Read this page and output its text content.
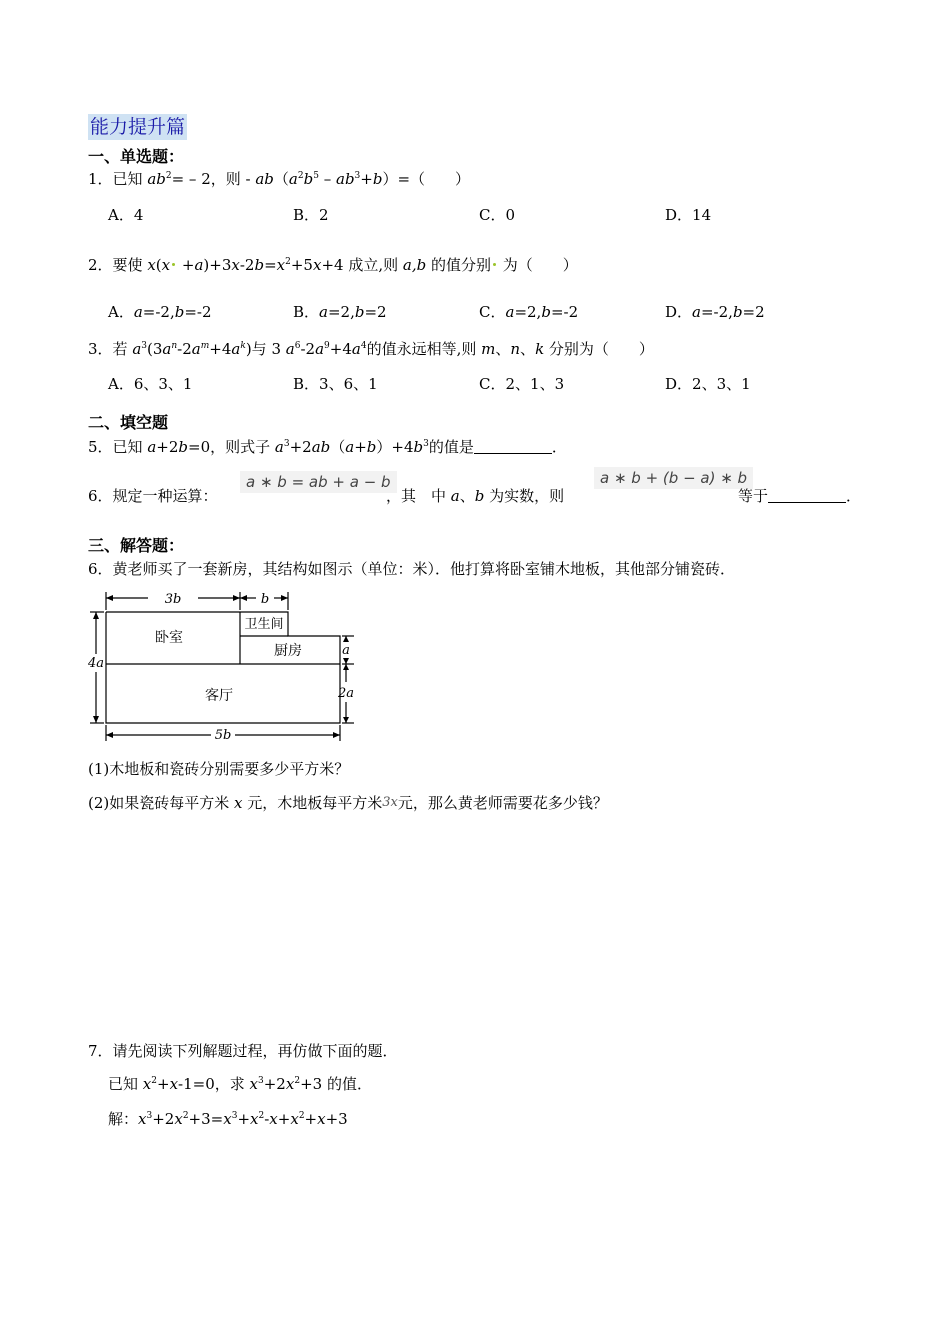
能力提升篇
一、单选题：
1．已知 $ab^2= - 2$，则 - $ab(a^2b^5 - ab^3+b)=$（　　）
A．4	B．2	C．0	D．14
2．要使 $x(x +a)+3x-2b=x^2+5x+4$ 成立,则 a,b 的值分别 为（　　）
A．a=-2,b=-2	B．a=2,b=2	C．a=2,b=-2	D．a=-2,b=2
3．若 $a^3(3a^n-2a^m+4a^k)$与 3 $a^6-2a^9+4a^4$的值永远相等,则 m、n、k 分别为（　　）
A．6、3、1	B．3、6、1	C．2、1、3	D．2、3、1
二、填空题
5．已知 a+2b=0，则式子 $a^3+2ab(a+b)+4b^3$的值是	．
6．规定一种运算：
a ∗ b = ab + a − b
，其　中 a、b 为实数，则
a ∗ b + (b − a) ∗ b
等于	．
三、解答题：
6．黄老师买了一套新房，其结构如图示（单位：米）．他打算将卧室铺木地板，其他部分铺瓷砖．
3b	b
4a
a
2a
5b
卧室
卫生间
厨房
客厅
(1)木地板和瓷砖分别需要多少平方米？
(2)如果瓷砖每平方米 x 元，木地板每平方米3x元，那么黄老师需要花多少钱？
7．请先阅读下列解题过程，再仿做下面的题．
已知 $x^2+x-1=0$，求 $x^3+2x^2+3$ 的值．
解：$x^3+2x^2+3=x^3+x^2-x+x^2+x+3$
